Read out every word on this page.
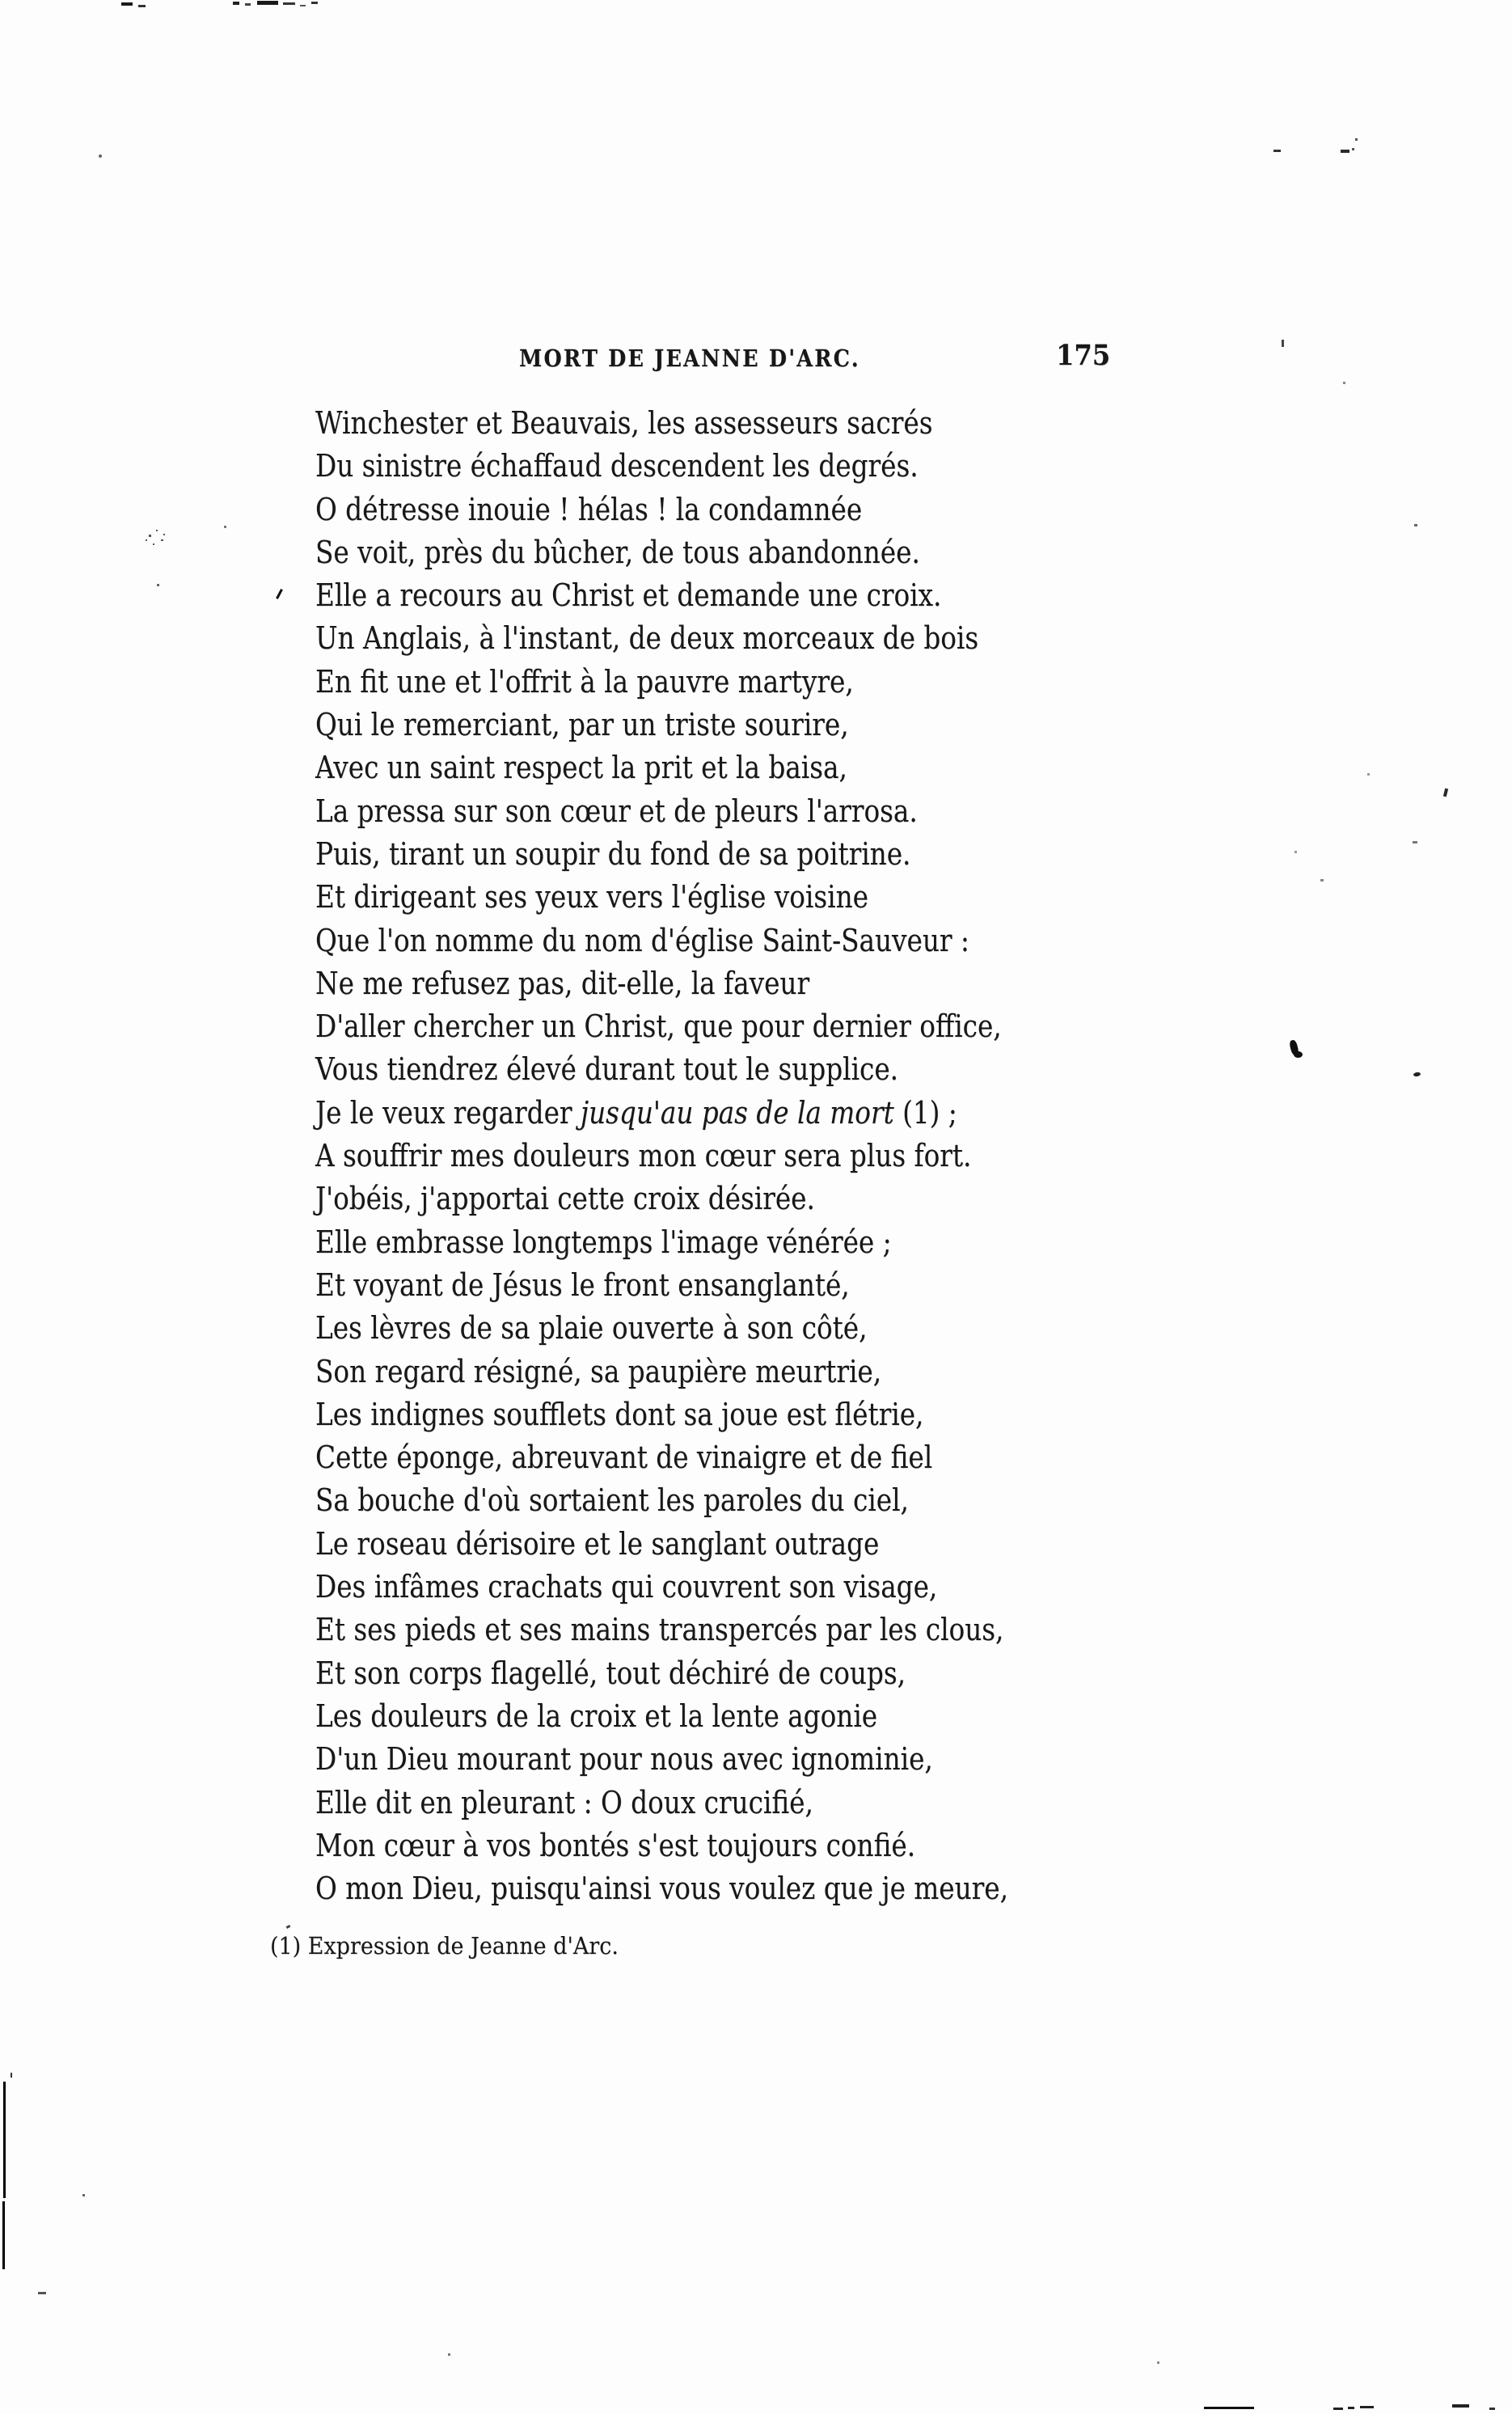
MORT DE JEANNE D'ARC.	175
Winchester et Beauvais, les assesseurs sacrés
Du sinistre échaffaud descendent les degrés.
O détresse inouie ! hélas ! la condamnée
Se voit, près du bûcher, de tous abandonnée.
Elle a recours au Christ et demande une croix.
Un Anglais, à l'instant, de deux morceaux de bois
En fit une et l'offrit à la pauvre martyre,
Qui le remerciant, par un triste sourire,
Avec un saint respect la prit et la baisa,
La pressa sur son cœur et de pleurs l'arrosa.
Puis, tirant un soupir du fond de sa poitrine.
Et dirigeant ses yeux vers l'église voisine
Que l'on nomme du nom d'église Saint-Sauveur :
Ne me refusez pas, dit-elle, la faveur
D'aller chercher un Christ, que pour dernier office,
Vous tiendrez élevé durant tout le supplice.
Je le veux regarder jusqu'au pas de la mort (1) ;
A souffrir mes douleurs mon cœur sera plus fort.
J'obéis, j'apportai cette croix désirée.
Elle embrasse longtemps l'image vénérée ;
Et voyant de Jésus le front ensanglanté,
Les lèvres de sa plaie ouverte à son côté,
Son regard résigné, sa paupière meurtrie,
Les indignes soufflets dont sa joue est flétrie,
Cette éponge, abreuvant de vinaigre et de fiel
Sa bouche d'où sortaient les paroles du ciel,
Le roseau dérisoire et le sanglant outrage
Des infâmes crachats qui couvrent son visage,
Et ses pieds et ses mains transpercés par les clous,
Et son corps flagellé, tout déchiré de coups,
Les douleurs de la croix et la lente agonie
D'un Dieu mourant pour nous avec ignominie,
Elle dit en pleurant : O doux crucifié,
Mon cœur à vos bontés s'est toujours confié.
O mon Dieu, puisqu'ainsi vous voulez que je meure,
(1) Expression de Jeanne d'Arc.
